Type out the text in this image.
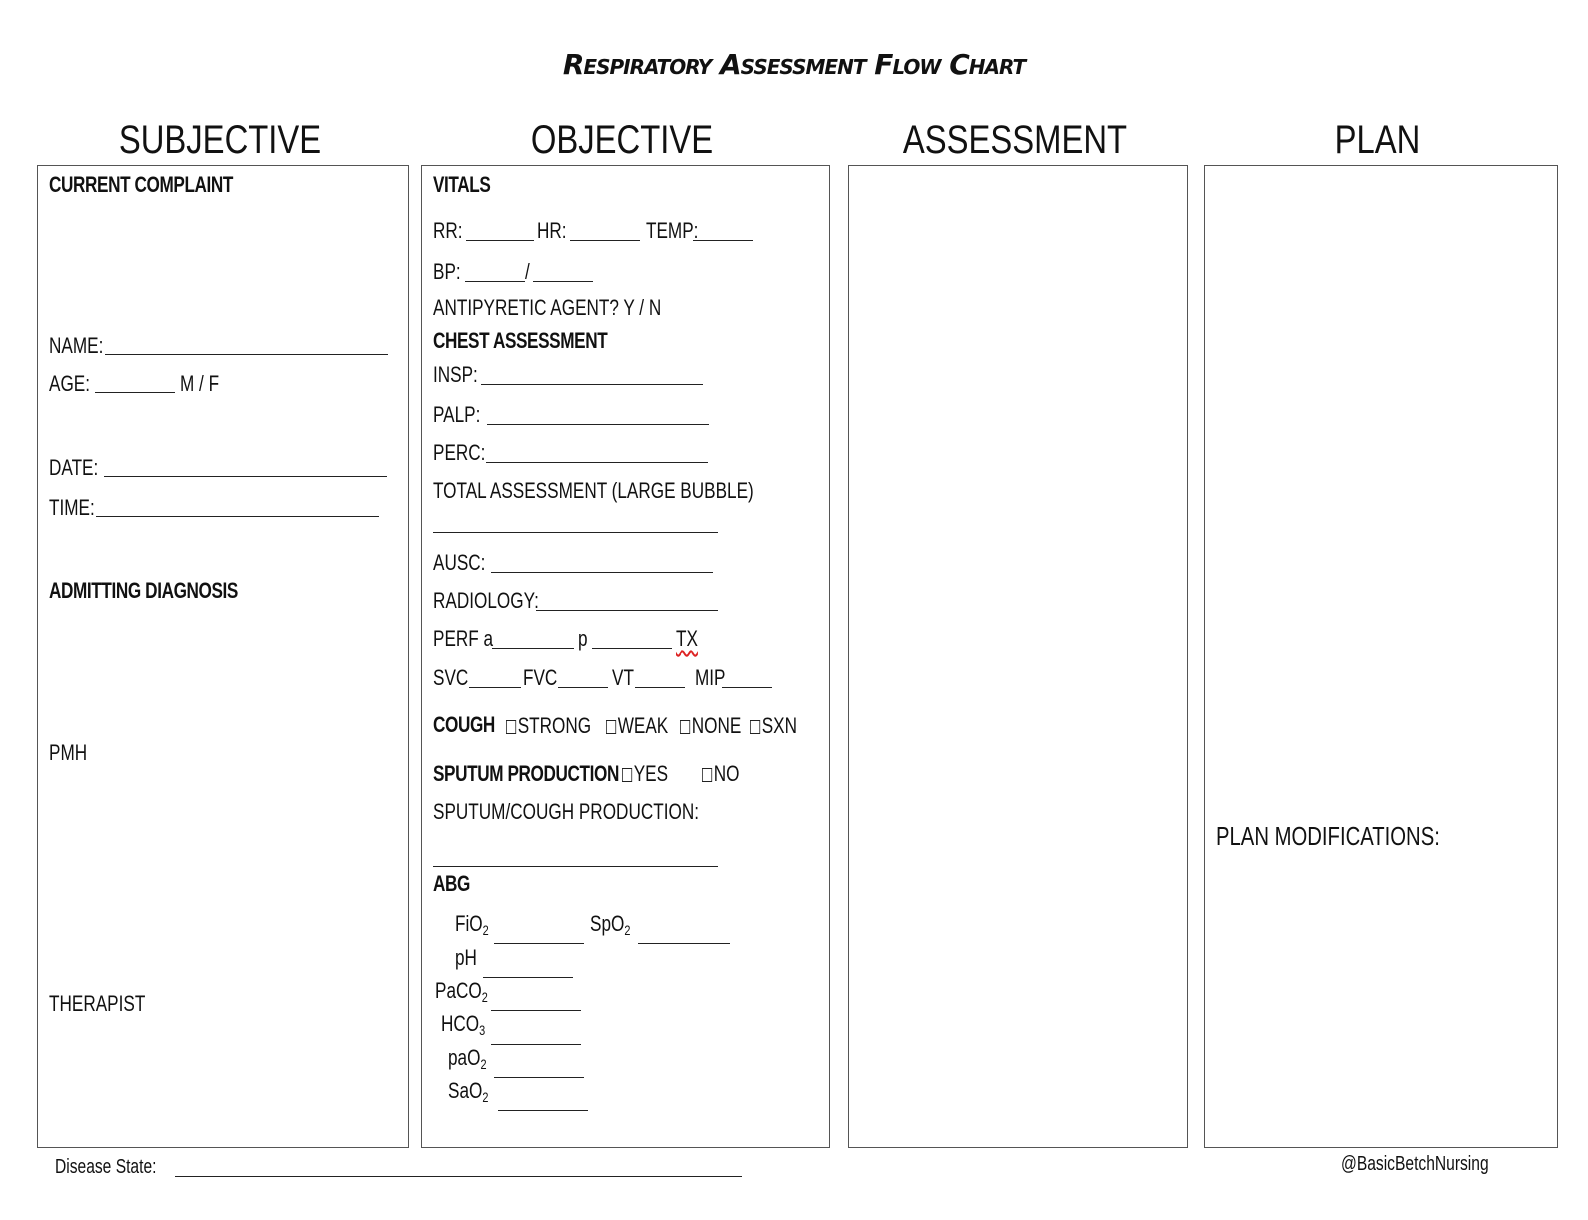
Respiratory Assessment Flow Chart
SUBJECTIVE	OBJECTIVE	ASSESSMENT	PLAN
CURRENT COMPLAINT
NAME:
AGE:	M / F
DATE:
TIME:
ADMITTING DIAGNOSIS
PMH
THERAPIST
VITALS
RR:	HR:	TEMP:
BP:	/
ANTIPYRETIC AGENT? Y / N
CHEST ASSESSMENT
INSP:
PALP:
PERC:
TOTAL ASSESSMENT (LARGE BUBBLE)
AUSC:
RADIOLOGY:
PERF a	p	TX
SVC FVC VT	MIP
COUGH	STRONG	WEAK	NONE SXN
SPUTUM PRODUCTION YES	NO
SPUTUM/COUGH PRODUCTION:
ABG
FiO$_2$	SpO$_2$
pH
PaCO$_2$
$HCO_3$
paO$_2$
SaO$_2$
PLAN MODIFICATIONS:
Disease State:	@BasicBetchNursing
